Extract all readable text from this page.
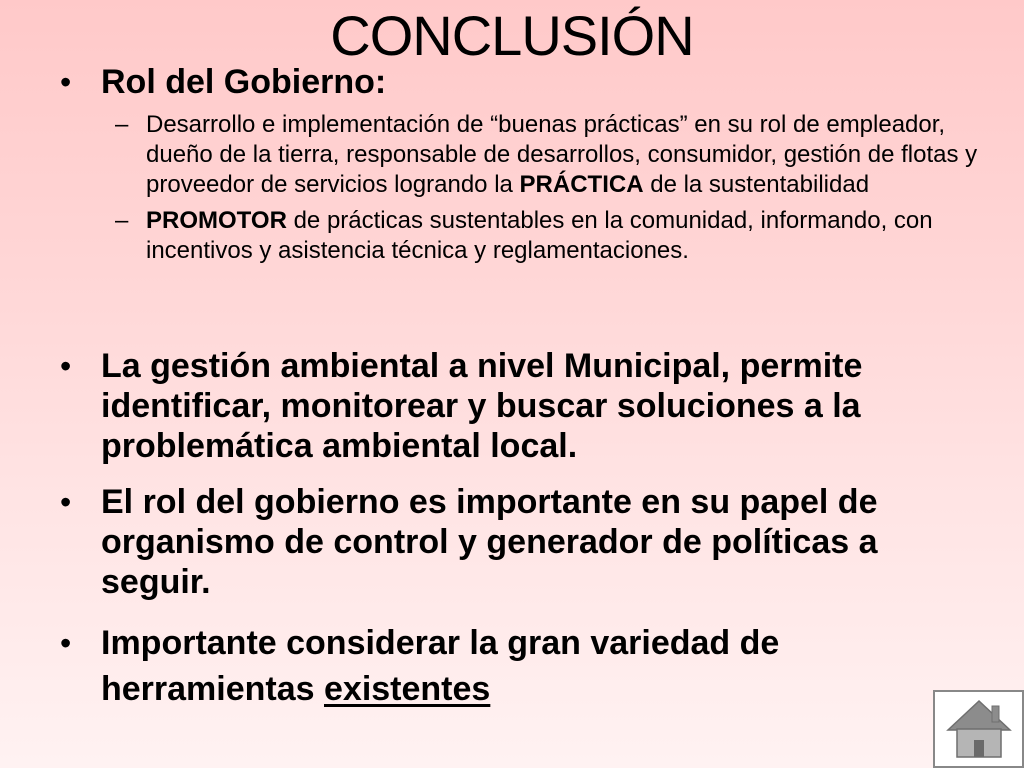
CONCLUSIÓN
• Rol del Gobierno:
– Desarrollo e implementación de “buenas prácticas” en su rol de empleador, dueño de la tierra, responsable de desarrollos, consumidor, gestión de flotas y proveedor de servicios logrando la PRÁCTICA de la sustentabilidad
– PROMOTOR de prácticas sustentables en la comunidad, informando, con incentivos y asistencia técnica y reglamentaciones.
• La gestión ambiental a nivel Municipal, permite identificar, monitorear y buscar soluciones a la problemática ambiental local.
• El rol del gobierno es importante en su papel de organismo de control y generador de políticas a seguir.
• Importante considerar la gran variedad de herramientas existentes
